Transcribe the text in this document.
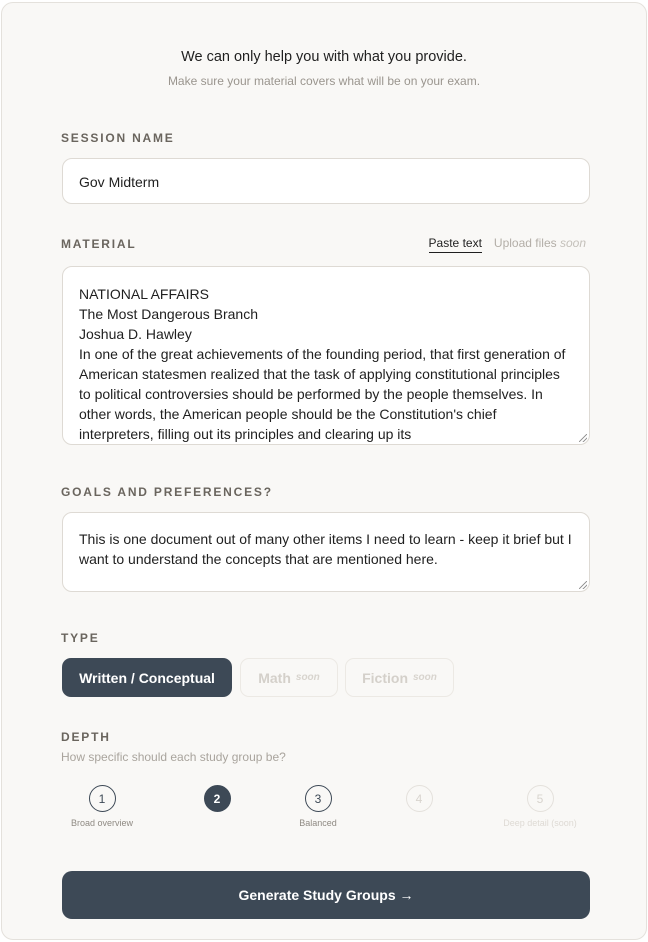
We can only help you with what you provide.
Make sure your material covers what will be on your exam.
SESSION NAME
Gov Midterm
MATERIAL	Paste text Upload files soon
NATIONAL AFFAIRS
The Most Dangerous Branch
Joshua D. Hawley
In one of the great achievements of the founding period, that first generation of American statesmen realized that the task of applying constitutional principles to political controversies should be performed by the people themselves. In other words, the American people should be the Constitution's chief interpreters, filling out its principles and clearing up its
GOALS AND PREFERENCES?
This is one document out of many other items I need to learn - keep it brief but I want to understand the concepts that are mentioned here.
TYPE
Written / Conceptual	Math soon	Fiction soon
DEPTH
How specific should each study group be?
1
Broad overview
2	3
Balanced
4	5
Deep detail (soon)
Generate Study Groups →
